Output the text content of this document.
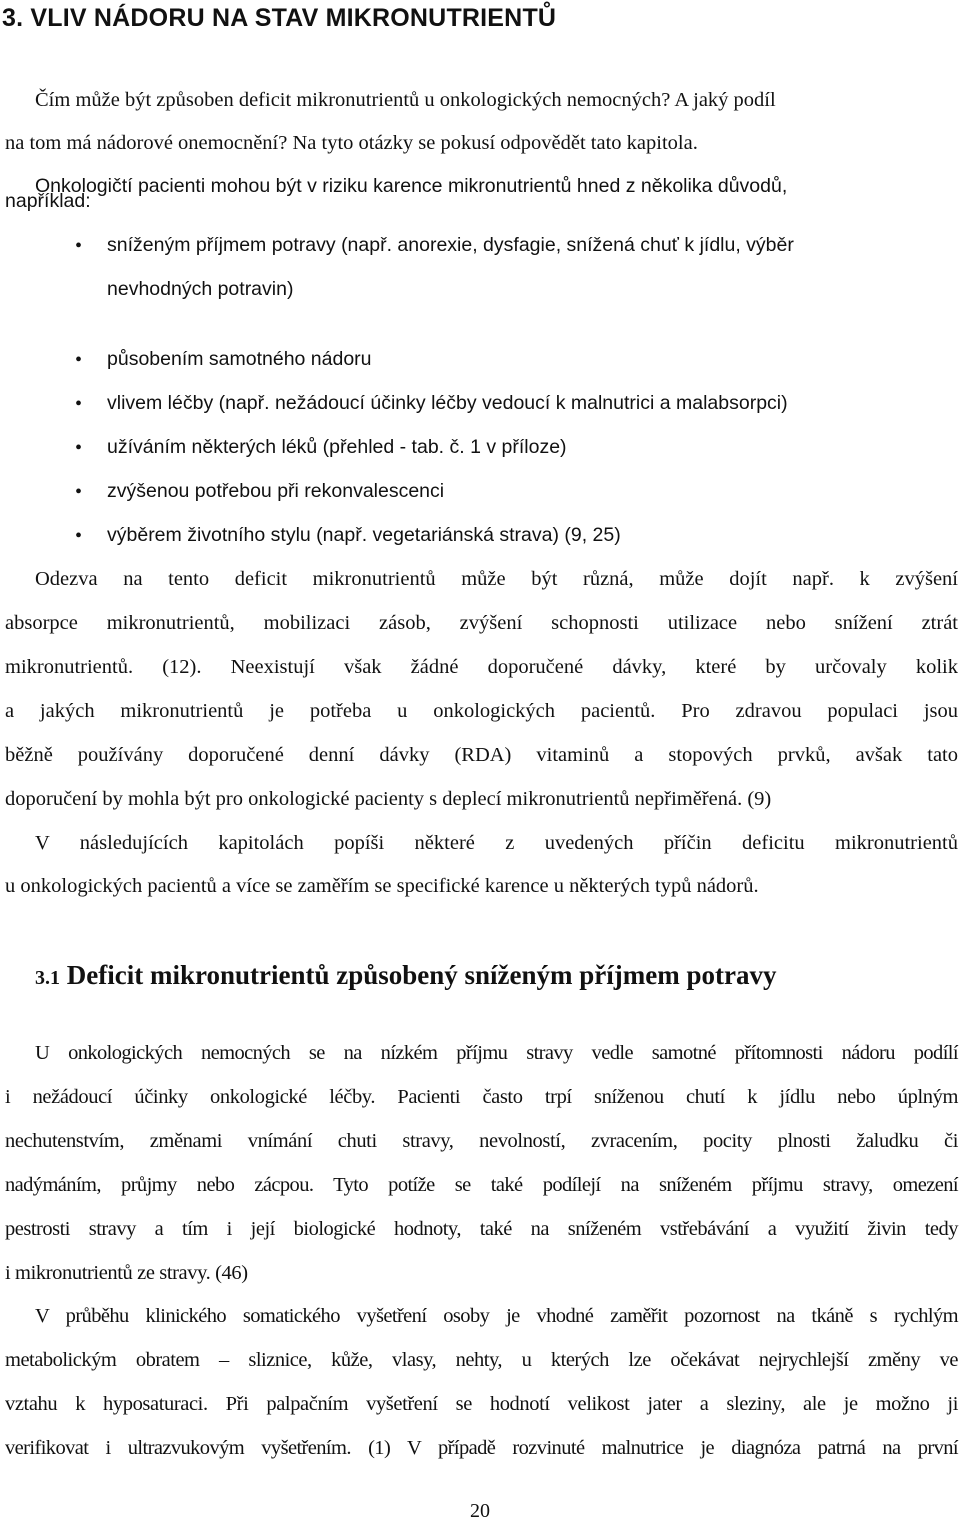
3. VLIV NÁDORU NA STAV MIKRONUTRIENTŮ
Čím může být způsoben deficit mikronutrientů u onkologických nemocných? A jaký podíl
na tom má nádorové onemocnění? Na tyto otázky se pokusí odpovědět tato kapitola.
Onkologičtí pacienti mohou být v riziku karence mikronutrientů hned z několika důvodů,
například:
• sníženým příjmem potravy (např. anorexie, dysfagie, snížená chuť k jídlu, výběr
nevhodných potravin)
• působením samotného nádoru
• vlivem léčby (např. nežádoucí účinky léčby vedoucí k malnutrici a malabsorpci)
• užíváním některých léků (přehled - tab. č. 1 v příloze)
• zvýšenou potřebou při rekonvalescenci
• výběrem životního stylu (např. vegetariánská strava) (9, 25)
Odezva na tento deficit mikronutrientů může být různá, může dojít např. k zvýšení
absorpce mikronutrientů, mobilizaci zásob, zvýšení schopnosti utilizace nebo snížení ztrát
mikronutrientů. (12). Neexistují však žádné doporučené dávky, které by určovaly kolik
a jakých mikronutrientů je potřeba u onkologických pacientů. Pro zdravou populaci jsou
běžně používány doporučené denní dávky (RDA) vitaminů a stopových prvků, avšak tato
doporučení by mohla být pro onkologické pacienty s deplecí mikronutrientů nepřiměřená. (9)
V následujících kapitolách popíši některé z uvedených příčin deficitu mikronutrientů
u onkologických pacientů a více se zaměřím se specifické karence u některých typů nádorů.
3.1 Deficit mikronutrientů způsobený sníženým příjmem potravy
U onkologických nemocných se na nízkém příjmu stravy vedle samotné přítomnosti nádoru podílí
i nežádoucí účinky onkologické léčby. Pacienti často trpí sníženou chutí k jídlu nebo úplným
nechutenstvím, změnami vnímání chuti stravy, nevolností, zvracením, pocity plnosti žaludku či
nadýmáním, průjmy nebo zácpou. Tyto potíže se také podílejí na sníženém příjmu stravy, omezení
pestrosti stravy a tím i její biologické hodnoty, také na sníženém vstřebávání a využití živin tedy
i mikronutrientů ze stravy. (46)
V průběhu klinického somatického vyšetření osoby je vhodné zaměřit pozornost na tkáně s rychlým
metabolickým obratem – sliznice, kůže, vlasy, nehty, u kterých lze očekávat nejrychlejší změny ve
vztahu k hyposaturaci. Při palpačním vyšetření se hodnotí velikost jater a sleziny, ale je možno ji
verifikovat i ultrazvukovým vyšetřením. (1) V případě rozvinuté malnutrice je diagnóza patrná na první
20
